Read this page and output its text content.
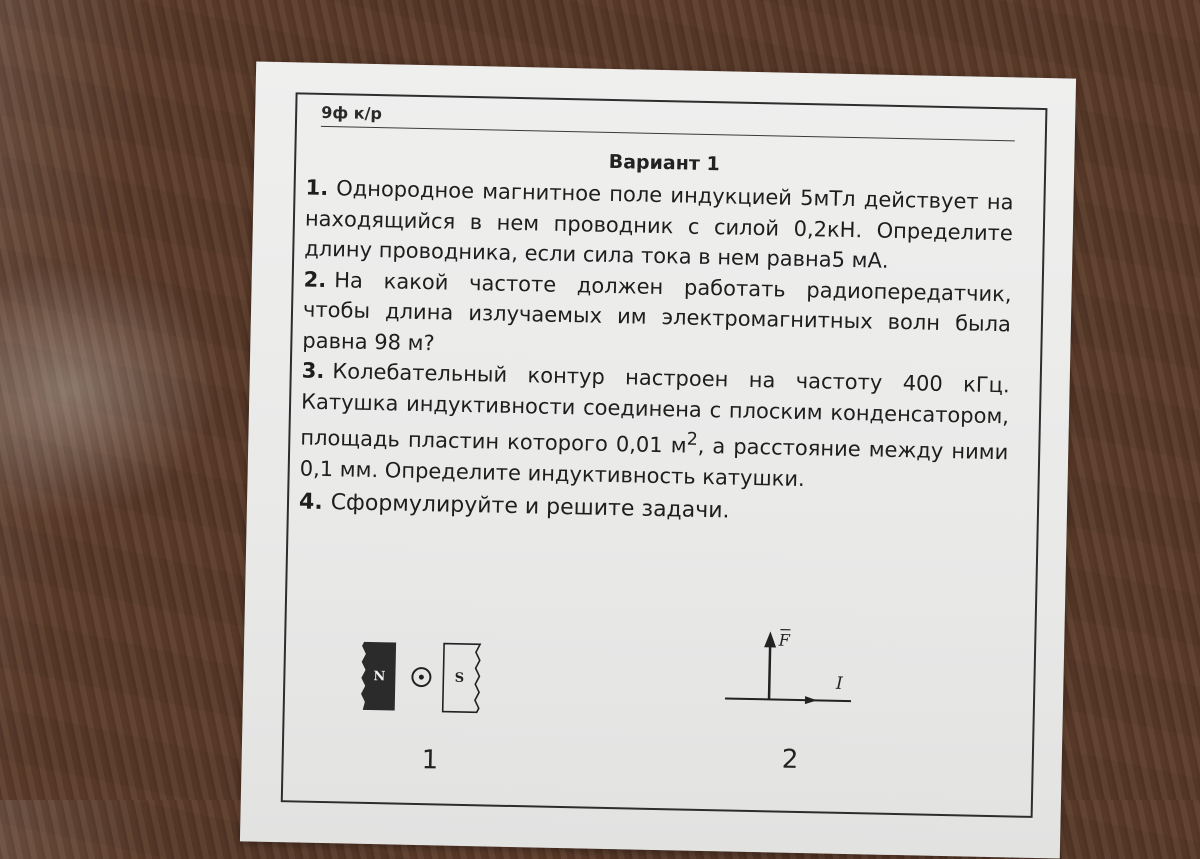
9ф к/р
Вариант 1

1. Однородное магнитное поле индукцией 5мТл действует на находящийся в нем проводник с силой 0,2кН. Определите длину проводника, если сила тока в нем равна5 мА.

2. На какой частоте должен работать радиопередатчик, чтобы длина излучаемых им электромагнитных волн была равна 98 м?

3. Колебательный контур настроен на частоту 400 кГц. Катушка индуктивности соединена с плоским конденсатором, площадь пластин которого 0,01 $м^2$, а расстояние между ними 0,1 мм. Определите индуктивность катушки.

4. Сформулируйте и решите задачи.

N	S
F
I
1	2
